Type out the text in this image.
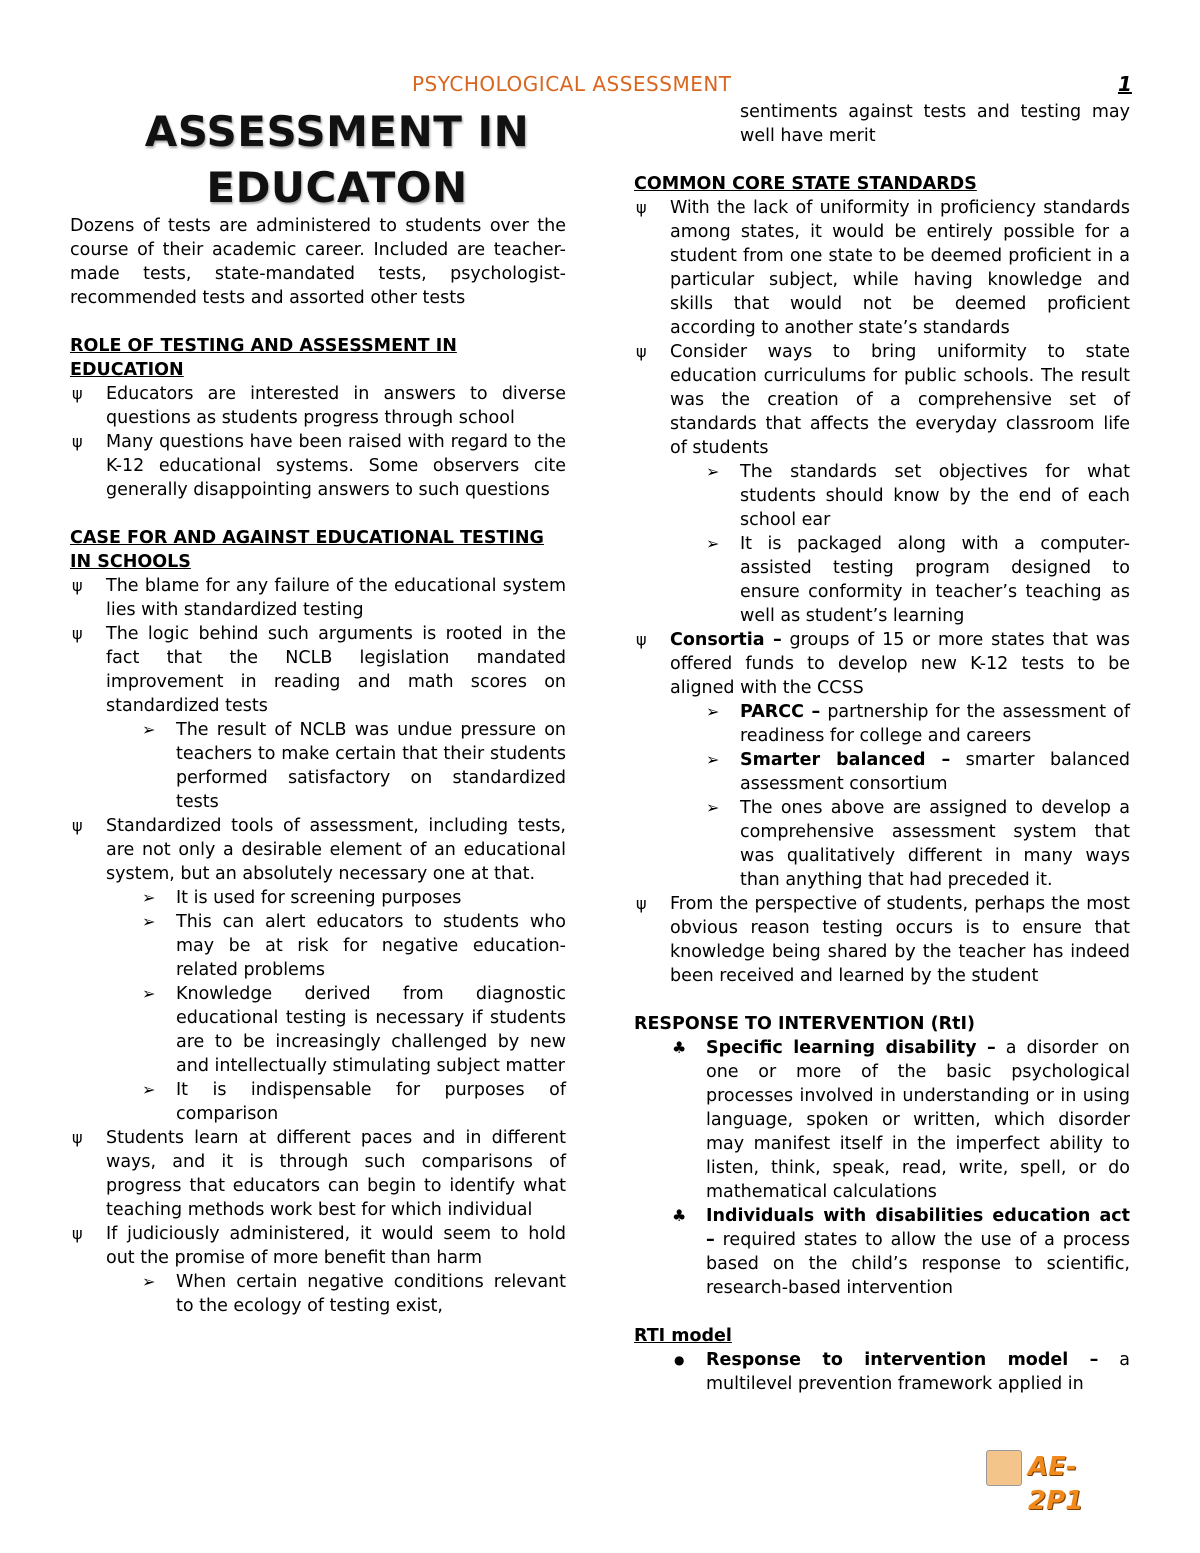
PSYCHOLOGICAL ASSESSMENT	1
ASSESSMENT IN
EDUCATON

Dozens of tests are administered to students over the course of their academic career. Included are teacher-made tests, state-mandated tests, psychologist-recommended tests and assorted other tests

ROLE OF TESTING AND ASSESSMENT IN EDUCATION
ψ Educators are interested in answers to diverse questions as students progress through school
ψ Many questions have been raised with regard to the K-12 educational systems. Some observers cite generally disappointing answers to such questions
CASE FOR AND AGAINST EDUCATIONAL TESTING IN SCHOOLS
ψ The blame for any failure of the educational system lies with standardized testing
ψ The logic behind such arguments is rooted in the fact that the NCLB legislation mandated improvement in reading and math scores on standardized tests
➢ The result of NCLB was undue pressure on teachers to make certain that their students performed satisfactory on standardized tests
ψ Standardized tools of assessment, including tests, are not only a desirable element of an educational system, but an absolutely necessary one at that.
➢ It is used for screening purposes
➢ This can alert educators to students who may be at risk for negative education-related problems
➢ Knowledge derived from diagnostic educational testing is necessary if students are to be increasingly challenged by new and intellectually stimulating subject matter
➢ It is indispensable for purposes of comparison
ψ Students learn at different paces and in different ways, and it is through such comparisons of progress that educators can begin to identify what teaching methods work best for which individual
ψ If judiciously administered, it would seem to hold out the promise of more benefit than harm
➢ When certain negative conditions relevant to the ecology of testing exist,

sentiments against tests and testing may well have merit

COMMON CORE STATE STANDARDS
ψ With the lack of uniformity in proficiency standards among states, it would be entirely possible for a student from one state to be deemed proficient in a particular subject, while having knowledge and skills that would not be deemed proficient according to another state’s standards
ψ Consider ways to bring uniformity to state education curriculums for public schools. The result was the creation of a comprehensive set of standards that affects the everyday classroom life of students
➢ The standards set objectives for what students should know by the end of each school ear
➢ It is packaged along with a computer-assisted testing program designed to ensure conformity in teacher’s teaching as well as student’s learning
ψ Consortia – groups of 15 or more states that was offered funds to develop new K-12 tests to be aligned with the CCSS
➢ PARCC – partnership for the assessment of readiness for college and careers
➢ Smarter balanced – smarter balanced assessment consortium
➢ The ones above are assigned to develop a comprehensive assessment system that was qualitatively different in many ways than anything that had preceded it.
ψ From the perspective of students, perhaps the most obvious reason testing occurs is to ensure that knowledge being shared by the teacher has indeed been received and learned by the student
RESPONSE TO INTERVENTION (RtI)
♣ Specific learning disability – a disorder on one or more of the basic psychological processes involved in understanding or in using language, spoken or written, which disorder may manifest itself in the imperfect ability to listen, think, speak, read, write, spell, or do mathematical calculations
♣ Individuals with disabilities education act – required states to allow the use of a process based on the child’s response to scientific, research-based intervention
RTI model
● Response to intervention model – a multilevel prevention framework applied in
AE-2P1
